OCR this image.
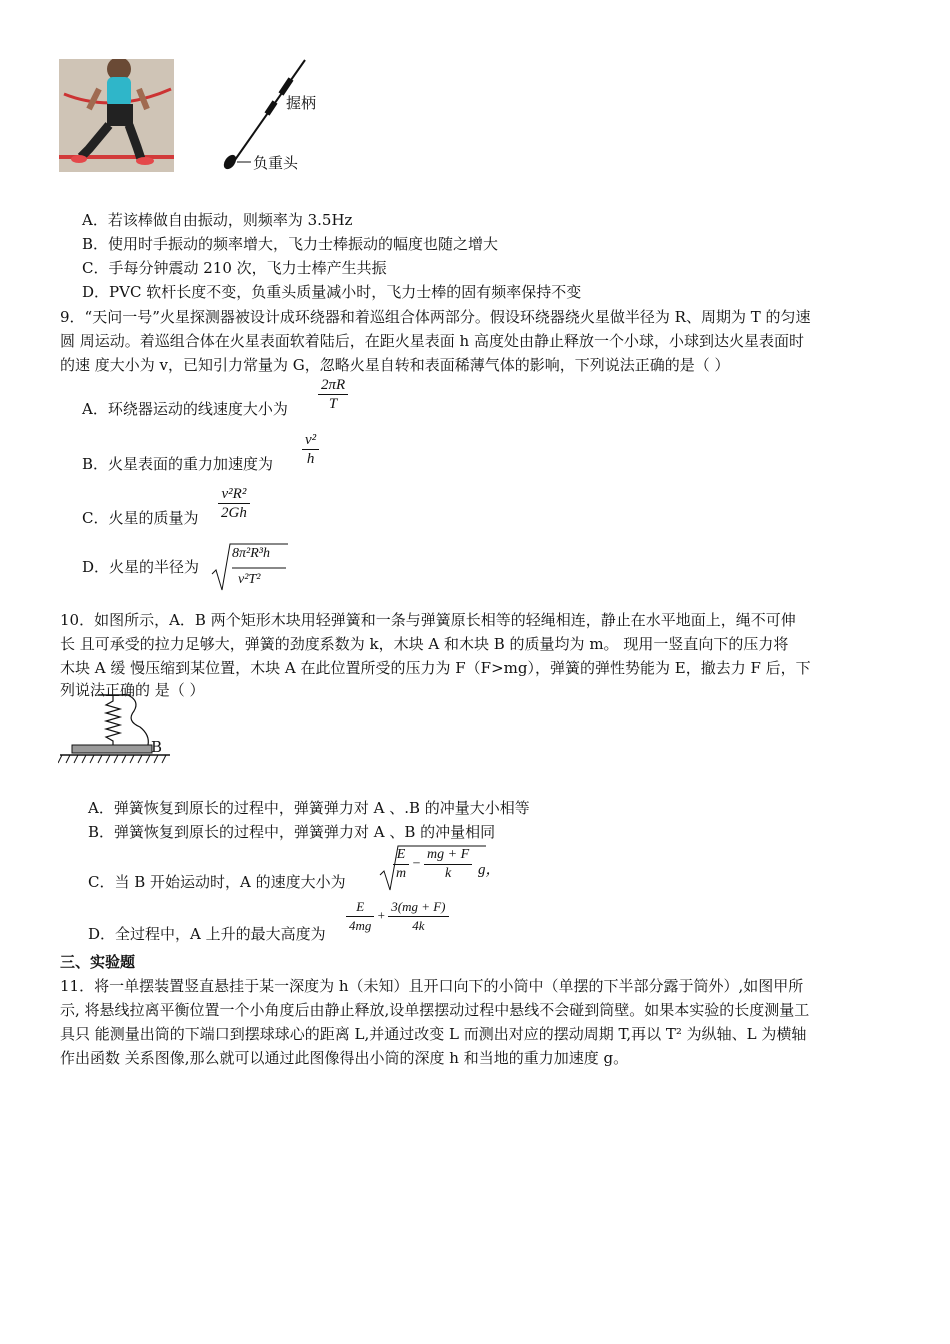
握柄
负重头
A．若该棒做自由振动，则频率为 3.5Hz
B．使用时手振动的频率增大，飞力士棒振动的幅度也随之增大
C．手每分钟震动 210 次，飞力士棒产生共振
D．PVC 软杆长度不变，负重头质量减小时，飞力士棒的固有频率保持不变
9．“天问一号”火星探测器被设计成环绕器和着巡组合体两部分。假设环绕器绕火星做半径为 R、周期为 T 的匀速
圆 周运动。着巡组合体在火星表面软着陆后，在距火星表面 h 高度处由静止释放一个小球，小球到达火星表面时
的速 度大小为 v，已知引力常量为 G，忽略火星自转和表面稀薄气体的影响，下列说法正确的是（ ）
A．环绕器运动的线速度大小为 $\frac{2\pi R}{T}$
B．火星表面的重力加速度为 $\frac{\text{v²}}{h}$
C．火星的质量为 $\frac{\text{v²R²}}{2Gh}$
D．火星的半径为
8π²R³h
v²T²
10．如图所示，A．B 两个矩形木块用轻弹簧和一条与弹簧原长相等的轻绳相连，静止在水平地面上，绳不可伸
长 且可承受的拉力足够大，弹簧的劲度系数为 k，木块 A 和木块 B 的质量均为 m。 现用一竖直向下的压力将
木块 A 缓 慢压缩到某位置，木块 A 在此位置所受的压力为 F（F>mg），弹簧的弹性势能为 E，撤去力 F 后，下
列说法正确的 是（ ）
B
A．弹簧恢复到原长的过程中，弹簧弹力对 A 、.B 的冲量大小相等
B．弹簧恢复到原长的过程中，弹簧弹力对 A 、B 的冲量相同
C．当 B 开始运动时，A 的速度大小为	$\frac{E}{m} - \frac{mg + F}{k}$ g，
D．全过程中，A 上升的最大高度为 $\frac{E}{4mg} + \frac{3(mg + F)}{4k}$
三、实验题
11．将一单摆装置竖直悬挂于某一深度为 h（未知）且开口向下的小筒中（单摆的下半部分露于筒外）,如图甲所
示, 将悬线拉离平衡位置一个小角度后由静止释放,设单摆摆动过程中悬线不会碰到筒壁。如果本实验的长度测量工
具只 能测量出筒的下端口到摆球球心的距离 L,并通过改变 L 而测出对应的摆动周期 T,再以 T² 为纵轴、L 为横轴
作出函数 关系图像,那么就可以通过此图像得出小筒的深度 h 和当地的重力加速度 g。
